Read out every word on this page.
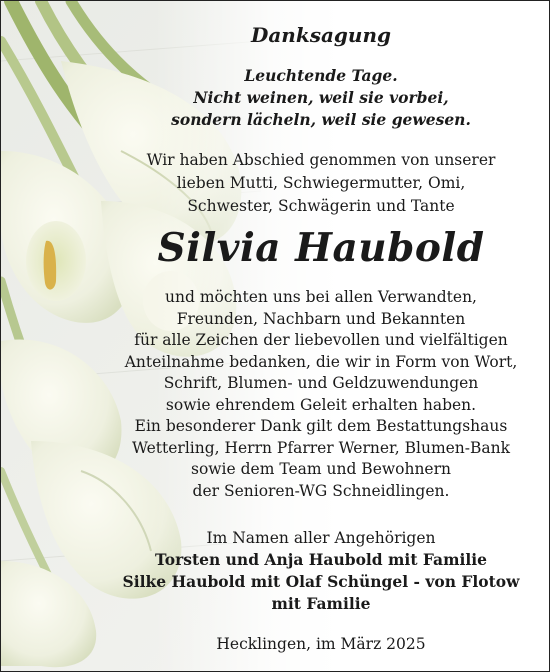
Danksagung
Leuchtende Tage.
Nicht weinen, weil sie vorbei,
sondern lächeln, weil sie gewesen.
Wir haben Abschied genommen von unserer
lieben Mutti, Schwiegermutter, Omi,
Schwester, Schwägerin und Tante
Silvia Haubold
und möchten uns bei allen Verwandten,
Freunden, Nachbarn und Bekannten
für alle Zeichen der liebevollen und vielfältigen
Anteilnahme bedanken, die wir in Form von Wort,
Schrift, Blumen- und Geldzuwendungen
sowie ehrendem Geleit erhalten haben.
Ein besonderer Dank gilt dem Bestattungshaus
Wetterling, Herrn Pfarrer Werner, Blumen-Bank
sowie dem Team und Bewohnern
der Senioren-WG Schneidlingen.
Im Namen aller Angehörigen
Torsten und Anja Haubold mit Familie
Silke Haubold mit Olaf Schüngel - von Flotow
mit Familie
Hecklingen, im März 2025
